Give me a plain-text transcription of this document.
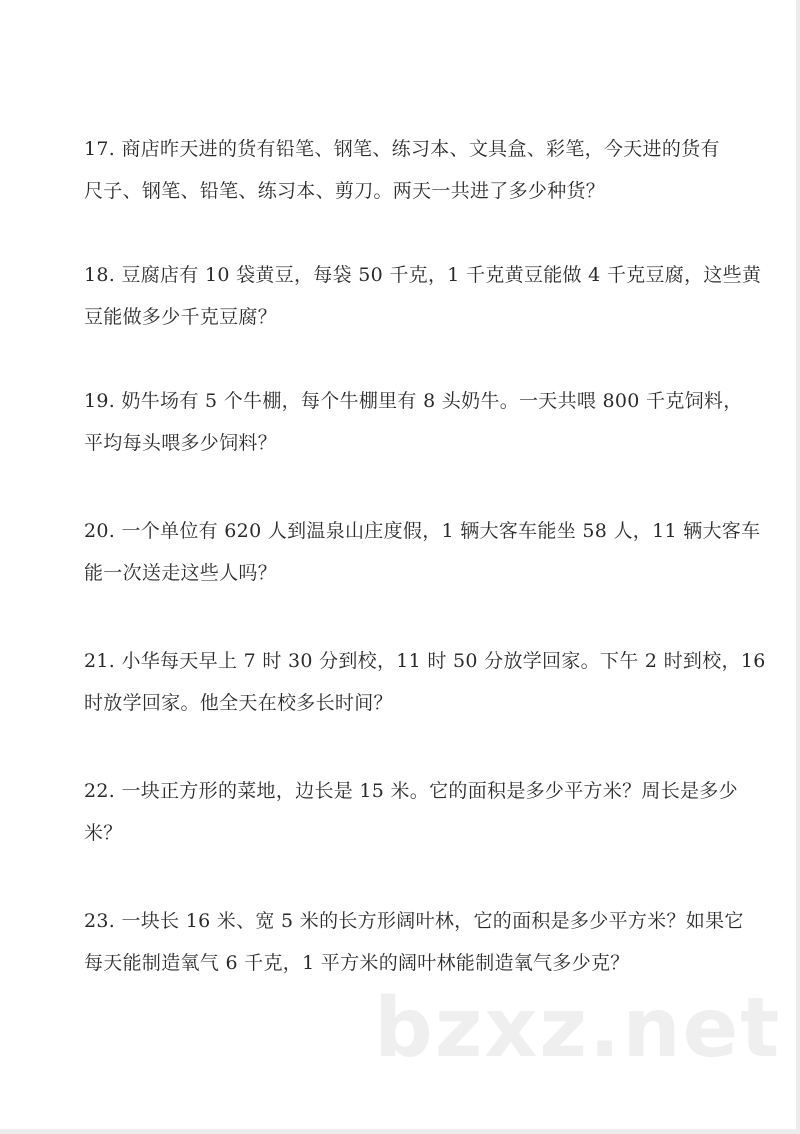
17. 商店昨天进的货有铅笔、钢笔、练习本、文具盒、彩笔，今天进的货有
尺子、钢笔、铅笔、练习本、剪刀。两天一共进了多少种货？
18. 豆腐店有 10 袋黄豆，每袋 50 千克，1 千克黄豆能做 4 千克豆腐，这些黄
豆能做多少千克豆腐？
19. 奶牛场有 5 个牛棚，每个牛棚里有 8 头奶牛。一天共喂 800 千克饲料，
平均每头喂多少饲料？
20. 一个单位有 620 人到温泉山庄度假，1 辆大客车能坐 58 人，11 辆大客车
能一次送走这些人吗？
21. 小华每天早上 7 时 30 分到校，11 时 50 分放学回家。下午 2 时到校，16
时放学回家。他全天在校多长时间？
22. 一块正方形的菜地，边长是 15 米。它的面积是多少平方米？周长是多少
米？
23. 一块长 16 米、宽 5 米的长方形阔叶林，它的面积是多少平方米？如果它
每天能制造氧气 6 千克，1 平方米的阔叶林能制造氧气多少克？
bzxz.net
